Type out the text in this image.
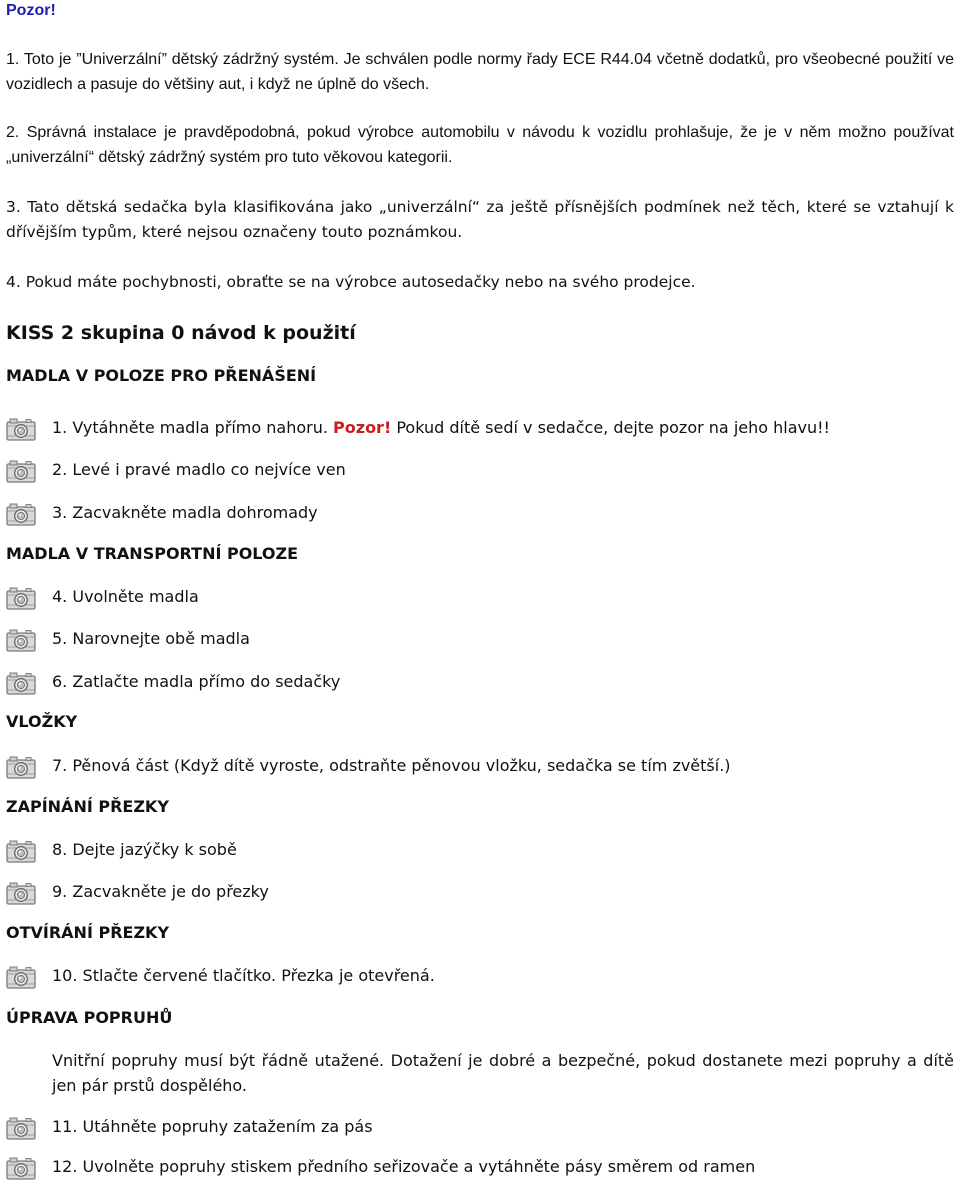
Pozor!

1. Toto je ”Univerzální” dětský zádržný systém. Je schválen podle normy řady ECE R44.04 včetně dodatků, pro všeobecné použití ve vozidlech a pasuje do většiny aut, i když ne úplně do všech.

2. Správná instalace je pravděpodobná, pokud výrobce automobilu v návodu k vozidlu prohlašuje, že je v něm možno používat „univerzální“ dětský zádržný systém pro tuto věkovou kategorii.

3. Tato dětská sedačka byla klasifikována jako „univerzální“ za ještě přísnějších podmínek než těch, které se vztahují k dřívějším typům, které nejsou označeny touto poznámkou.

4. Pokud máte pochybnosti, obraťte se na výrobce autosedačky nebo na svého prodejce.

KISS 2 skupina 0 návod k použití
MADLA V POLOZE PRO PŘENÁŠENÍ
1. Vytáhněte madla přímo nahoru. Pozor! Pokud dítě sedí v sedačce, dejte pozor na jeho hlavu!!
2. Levé i pravé madlo co nejvíce ven
3. Zacvakněte madla dohromady
MADLA V TRANSPORTNÍ POLOZE
4. Uvolněte madla
5. Narovnejte obě madla
6. Zatlačte madla přímo do sedačky
VLOŽKY
7. Pěnová část (Když dítě vyroste, odstraňte pěnovou vložku, sedačka se tím zvětší.)
ZAPÍNÁNÍ PŘEZKY
8. Dejte jazýčky k sobě
9. Zacvakněte je do přezky
OTVÍRÁNÍ PŘEZKY
10. Stlačte červené tlačítko. Přezka je otevřená.
ÚPRAVA POPRUHŮ

Vnitřní popruhy musí být řádně utažené. Dotažení je dobré a bezpečné, pokud dostanete mezi popruhy a dítě jen pár prstů dospělého.

11. Utáhněte popruhy zatažením za pás
12. Uvolněte popruhy stiskem předního seřizovače a vytáhněte pásy směrem od ramen
